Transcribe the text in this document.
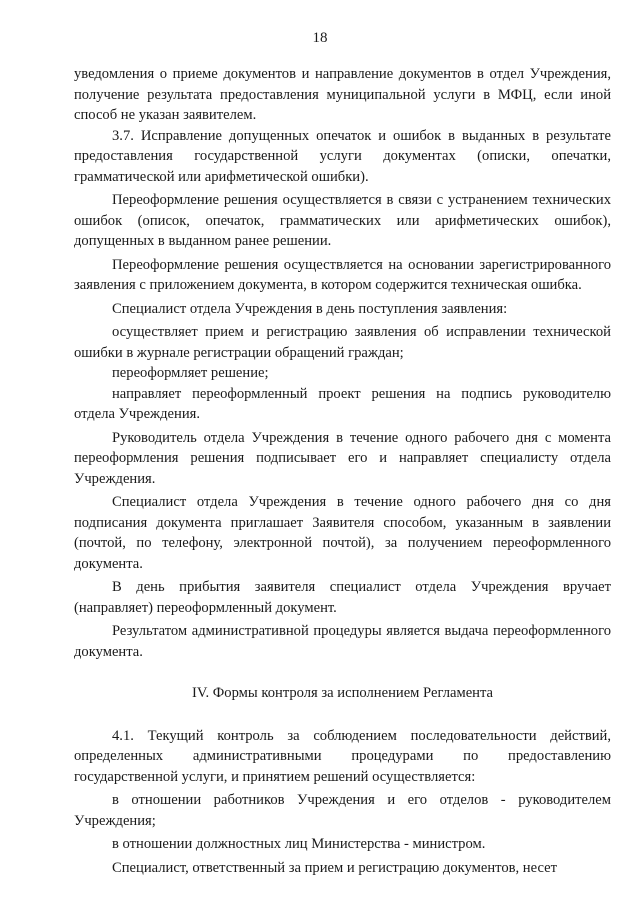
18

уведомления о приеме документов и направление документов в отдел Учреждения, получение результата предоставления муниципальной услуги в МФЦ, если иной способ не указан заявителем.

3.7. Исправление допущенных опечаток и ошибок в выданных в результате предоставления государственной услуги документах (описки, опечатки, грамматической или арифметической ошибки).

Переоформление решения осуществляется в связи с устранением технических ошибок (описок, опечаток, грамматических или арифметических ошибок), допущенных в выданном ранее решении.

Переоформление решения осуществляется на основании зарегистрированного заявления с приложением документа, в котором содержится техническая ошибка.

Специалист отдела Учреждения в день поступления заявления:

осуществляет прием и регистрацию заявления об исправлении технической ошибки в журнале регистрации обращений граждан;

переоформляет решение;

направляет переоформленный проект решения на подпись руководителю отдела Учреждения.

Руководитель отдела Учреждения в течение одного рабочего дня с момента переоформления решения подписывает его и направляет специалисту отдела Учреждения.

Специалист отдела Учреждения в течение одного рабочего дня со дня подписания документа приглашает Заявителя способом, указанным в заявлении (почтой, по телефону, электронной почтой), за получением переоформленного документа.

В день прибытия заявителя специалист отдела Учреждения вручает (направляет) переоформленный документ.

Результатом административной процедуры является выдача переоформленного документа.

IV. Формы контроля за исполнением Регламента

4.1. Текущий контроль за соблюдением последовательности действий, определенных административными процедурами по предоставлению государственной услуги, и принятием решений осуществляется:

в отношении работников Учреждения и его отделов - руководителем Учреждения;

в отношении должностных лиц Министерства - министром.

Специалист, ответственный за прием и регистрацию документов, несет
